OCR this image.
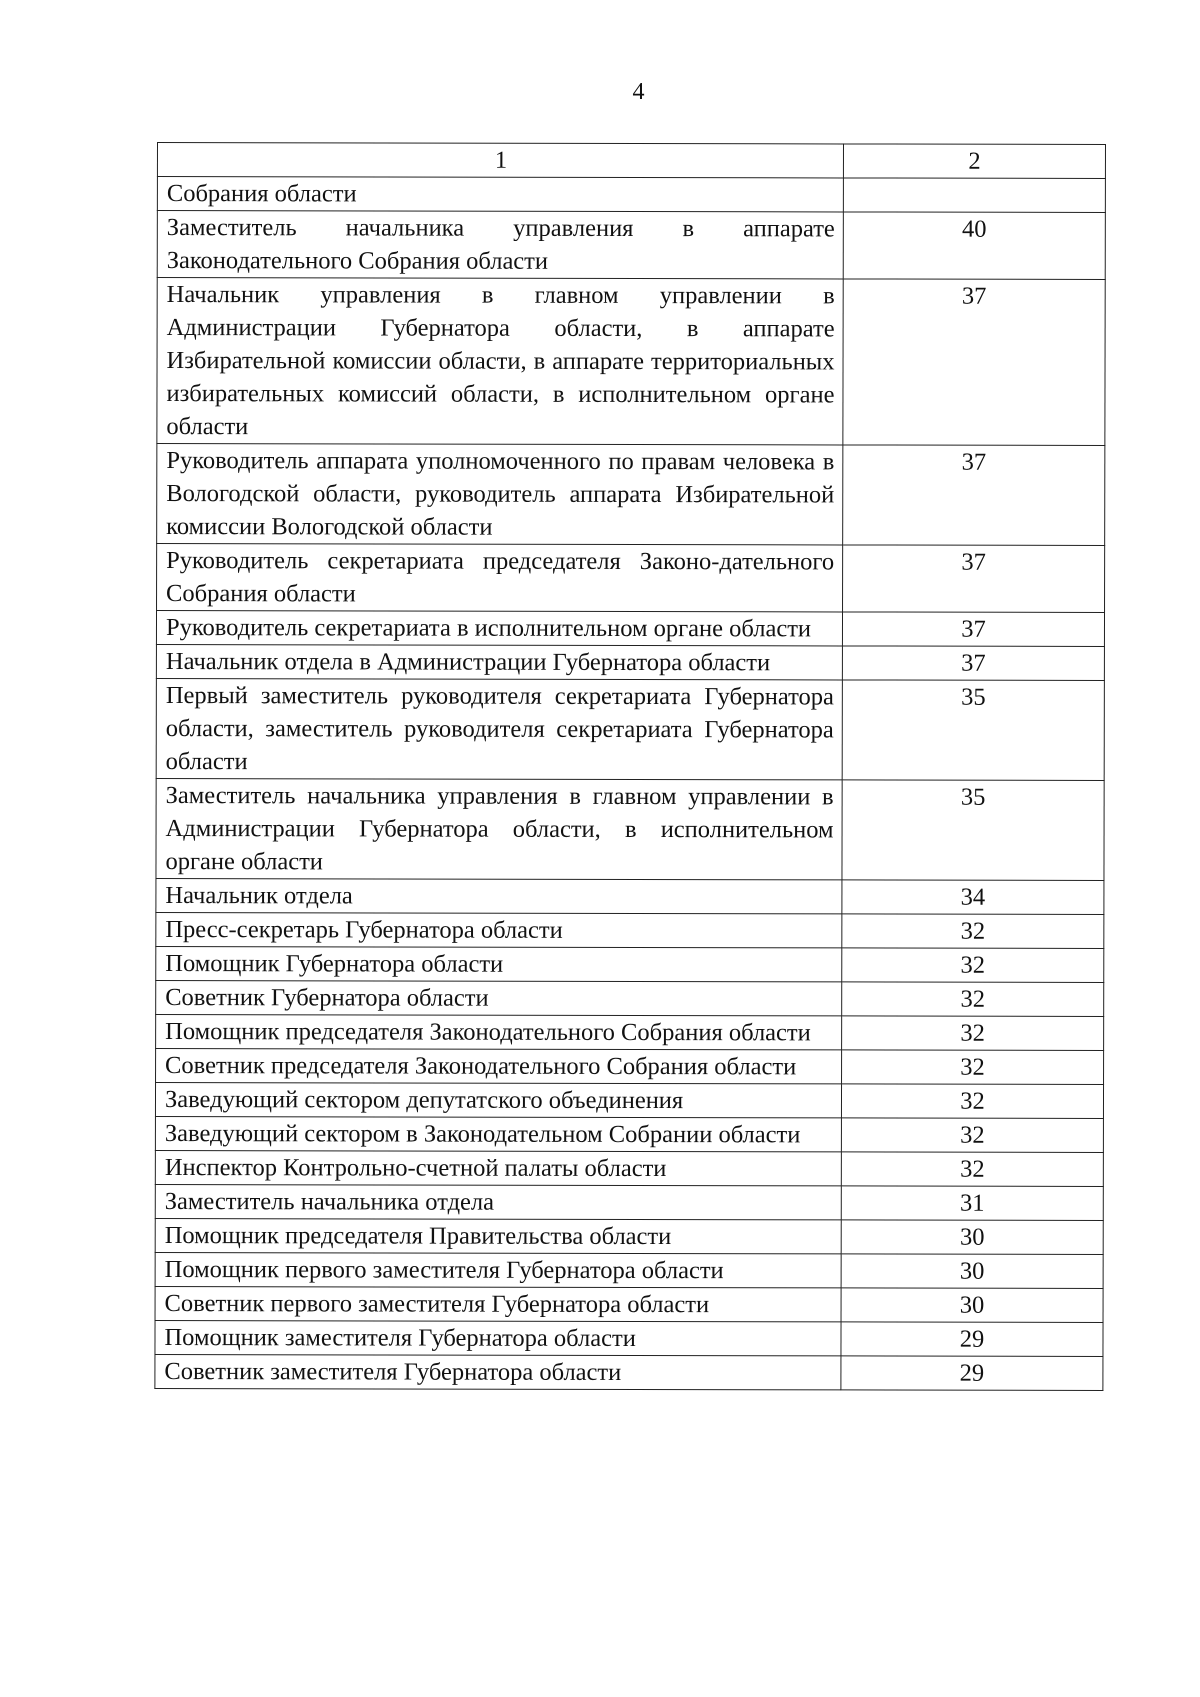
4
1	2
Собрания области	
Заместитель начальника управления в аппарате Законодательного Собрания области	40
Начальник управления в главном управлении в Администрации Губернатора области, в аппарате Избирательной комиссии области, в аппарате территориальных избирательных комиссий области, в исполнительном органе области	37
Руководитель аппарата уполномоченного по правам человека в Вологодской области, руководитель аппарата Избирательной комиссии Вологодской области	37
Руководитель секретариата председателя Законо-дательного Собрания области	37
Руководитель секретариата в исполнительном органе области	37
Начальник отдела в Администрации Губернатора области	37
Первый заместитель руководителя секретариата Губернатора области, заместитель руководителя секретариата Губернатора области	35
Заместитель начальника управления в главном управлении в Администрации Губернатора области, в исполнительном органе области	35
Начальник отдела	34
Пресс-секретарь Губернатора области	32
Помощник Губернатора области	32
Советник Губернатора области	32
Помощник председателя Законодательного Собрания области	32
Советник председателя Законодательного Собрания области	32
Заведующий сектором депутатского объединения	32
Заведующий сектором в Законодательном Собрании области	32
Инспектор Контрольно-счетной палаты области	32
Заместитель начальника отдела	31
Помощник председателя Правительства области	30
Помощник первого заместителя Губернатора области	30
Советник первого заместителя Губернатора области	30
Помощник заместителя Губернатора области	29
Советник заместителя Губернатора области	29
